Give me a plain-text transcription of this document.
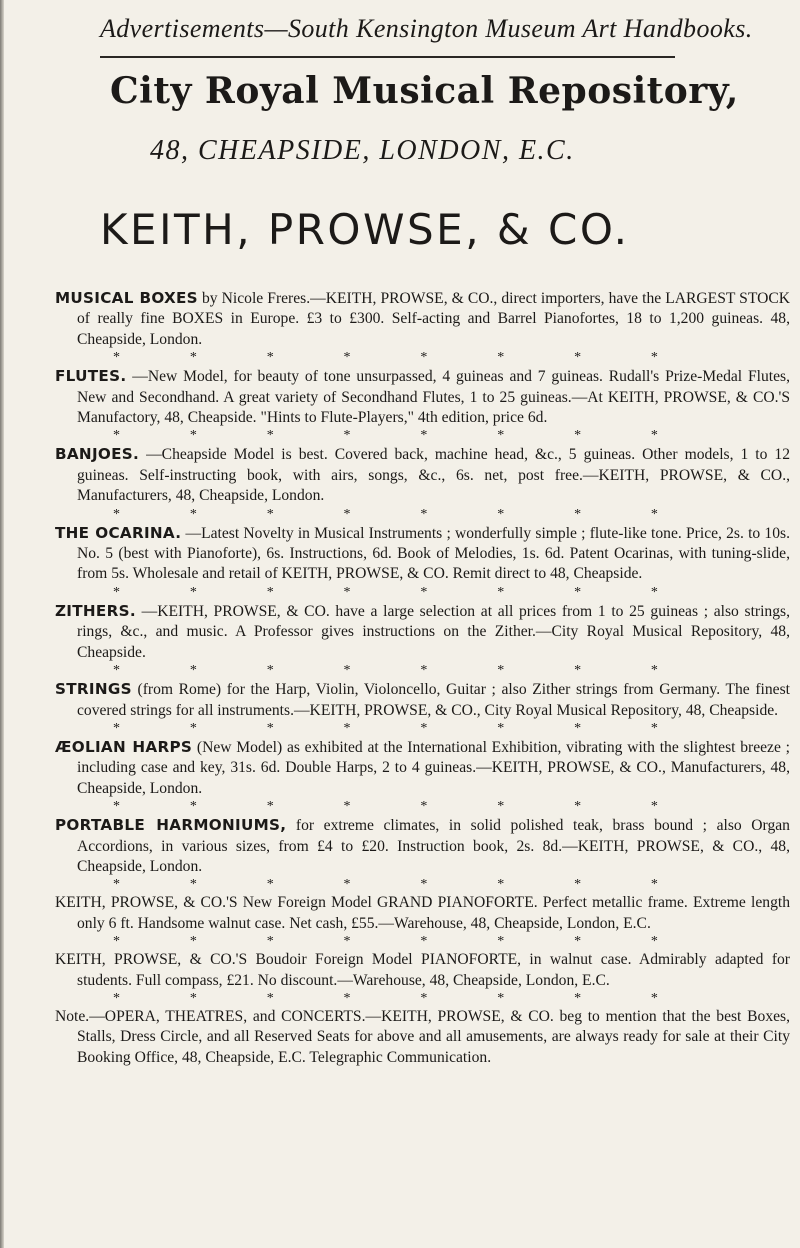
Advertisements—South Kensington Museum Art Handbooks.
City Royal Musical Repository,
48, CHEAPSIDE, LONDON, E.C.
KEITH, PROWSE, & CO.
MUSICAL BOXES by Nicole Freres.—KEITH, PROWSE, & CO., direct importers, have the LARGEST STOCK of really fine BOXES in Europe. £3 to £300. Self-acting and Barrel Pianofortes, 18 to 1,200 guineas. 48, Cheapside, London.
*	*	*	*	*	*	*	*
FLUTES. —New Model, for beauty of tone unsurpassed, 4 guineas and 7 guineas. Rudall's Prize-Medal Flutes, New and Secondhand. A great variety of Secondhand Flutes, 1 to 25 guineas.—At KEITH, PROWSE, & CO.'S Manufactory, 48, Cheapside. "Hints to Flute-Players," 4th edition, price 6d.
*	*	*	*	*	*	*	*
BANJOES. —Cheapside Model is best. Covered back, machine head, &c., 5 guineas. Other models, 1 to 12 guineas. Self-instructing book, with airs, songs, &c., 6s. net, post free.—KEITH, PROWSE, & CO., Manufacturers, 48, Cheapside, London.
*	*	*	*	*	*	*	*
THE OCARINA. —Latest Novelty in Musical Instruments ; wonderfully simple ; flute-like tone. Price, 2s. to 10s. No. 5 (best with Pianoforte), 6s. Instructions, 6d. Book of Melodies, 1s. 6d. Patent Ocarinas, with tuning-slide, from 5s. Wholesale and retail of KEITH, PROWSE, & CO. Remit direct to 48, Cheapside.
*	*	*	*	*	*	*	*
ZITHERS. —KEITH, PROWSE, & CO. have a large selection at all prices from 1 to 25 guineas ; also strings, rings, &c., and music. A Professor gives instructions on the Zither.—City Royal Musical Repository, 48, Cheapside.
*	*	*	*	*	*	*	*
STRINGS (from Rome) for the Harp, Violin, Violoncello, Guitar ; also Zither strings from Germany. The finest covered strings for all instruments.—KEITH, PROWSE, & CO., City Royal Musical Repository, 48, Cheapside.
*	*	*	*	*	*	*	*
ÆOLIAN HARPS (New Model) as exhibited at the International Exhibition, vibrating with the slightest breeze ; including case and key, 31s. 6d. Double Harps, 2 to 4 guineas.—KEITH, PROWSE, & CO., Manufacturers, 48, Cheapside, London.
*	*	*	*	*	*	*	*
PORTABLE HARMONIUMS, for extreme climates, in solid polished teak, brass bound ; also Organ Accordions, in various sizes, from £4 to £20. Instruction book, 2s. 8d.—KEITH, PROWSE, & CO., 48, Cheapside, London.
*	*	*	*	*	*	*	*
KEITH, PROWSE, & CO.'S New Foreign Model GRAND PIANOFORTE. Perfect metallic frame. Extreme length only 6 ft. Handsome walnut case. Net cash, £55.—Warehouse, 48, Cheapside, London, E.C.
*	*	*	*	*	*	*	*
KEITH, PROWSE, & CO.'S Boudoir Foreign Model PIANOFORTE, in walnut case. Admirably adapted for students. Full compass, £21. No discount.—Warehouse, 48, Cheapside, London, E.C.
*	*	*	*	*	*	*	*
Note.—OPERA, THEATRES, and CONCERTS.—KEITH, PROWSE, & CO. beg to mention that the best Boxes, Stalls, Dress Circle, and all Reserved Seats for above and all amusements, are always ready for sale at their City Booking Office, 48, Cheapside, E.C. Telegraphic Communication.
